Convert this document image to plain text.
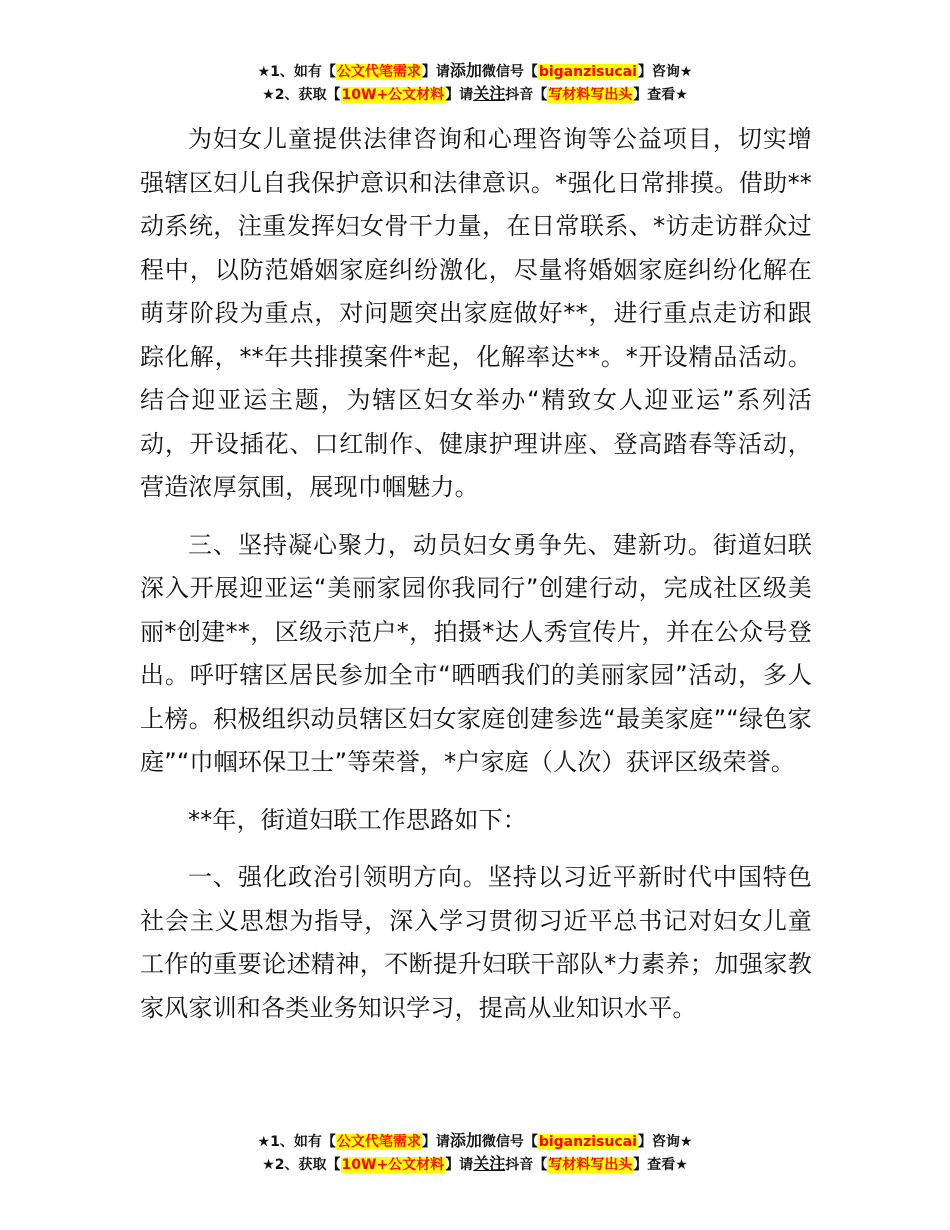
★1、如有【公文代笔需求】请添加微信号【biganzisucai】咨询★
★2、获取【10W+公文材料】请关注抖音【写材料写出头】查看★

为妇女儿童提供法律咨询和心理咨询等公益项目，切实增强辖区妇儿自我保护意识和法律意识。*强化日常排摸。借助**动系统，注重发挥妇女骨干力量，在日常联系、*访走访群众过程中，以防范婚姻家庭纠纷激化，尽量将婚姻家庭纠纷化解在萌芽阶段为重点，对问题突出家庭做好**，进行重点走访和跟踪化解，**年共排摸案件*起，化解率达**。*开设精品活动。结合迎亚运主题，为辖区妇女举办“精致女人迎亚运”系列活动，开设插花、口红制作、健康护理讲座、登高踏春等活动，营造浓厚氛围，展现巾帼魅力。

三、坚持凝心聚力，动员妇女勇争先、建新功。街道妇联深入开展迎亚运“美丽家园你我同行”创建行动，完成社区级美丽*创建**，区级示范户*，拍摄*达人秀宣传片，并在公众号登出。呼吁辖区居民参加全市“晒晒我们的美丽家园”活动，多人上榜。积极组织动员辖区妇女家庭创建参选“最美家庭”“绿色家庭”“巾帼环保卫士”等荣誉，*户家庭（人次）获评区级荣誉。

**年，街道妇联工作思路如下：

一、强化政治引领明方向。坚持以习近平新时代中国特色社会主义思想为指导，深入学习贯彻习近平总书记对妇女儿童工作的重要论述精神，不断提升妇联干部队*力素养；加强家教家风家训和各类业务知识学习，提高从业知识水平。

★1、如有【公文代笔需求】请添加微信号【biganzisucai】咨询★
★2、获取【10W+公文材料】请关注抖音【写材料写出头】查看★
